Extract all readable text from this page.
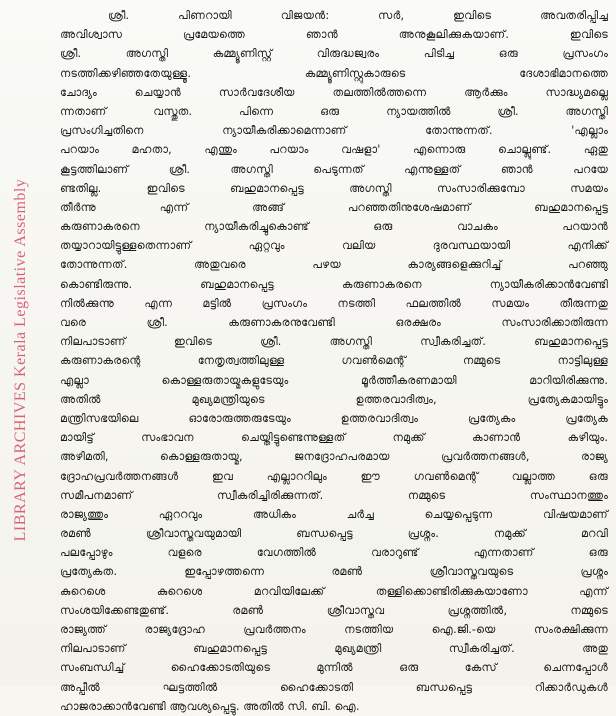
LIBRARY ARCHIVES Kerala Legislative Assembly
ശ്രീ. പിണറായി വിജയൻ: സർ, ഇവിടെ അവതരിപ്പിച്ച
അവിശ്വാസ പ്രമേയത്തെ ഞാൻ അനുകൂലിക്കുകയാണ്. ഇവിടെ
ശ്രീ. അഗസ്തി കമ്മ്യൂണിസ്റ്റ് വിരുദ്ധജ്വരം പിടിച്ച ഒരു പ്രസംഗം
നടത്തിക്കഴിഞ്ഞതേയുള്ളൂ. കമ്മ്യൂണിസ്റ്റുകാരുടെ ദേശാഭിമാനത്തെ
ചോദ്യം ചെയ്യാൻ സാർവദേശീയ തലത്തിൽത്തന്നെ ആർക്കും സാദ്ധ്യമല്ലെ
ന്നതാണ് വസ്തുത. പിന്നെ ഒരു ന്യായത്തിൽ ശ്രീ. അഗസ്തി
പ്രസംഗിച്ചതിനെ ന്യായീകരിക്കാമെന്നാണ് തോന്നുന്നത്. 'എല്ലാം
പറയാം മഹതാ, എന്തും പറയാം വഷളാ' എന്നൊരു ചൊല്ലുണ്ട്. ഏതു
കൂട്ടത്തിലാണ് ശ്രീ. അഗസ്തി പെടുന്നത് എന്നുള്ളത് ഞാൻ പറയേ
ണ്ടതില്ല. ഇവിടെ ബഹുമാനപ്പെട്ട അഗസ്തി സംസാരിക്കുമ്പോ സമയം
തീർന്നു എന്ന് അങ്ങ് പറഞ്ഞതിനുശേഷമാണ് ബഹുമാനപ്പെട്ട
കരുണാകരനെ ന്യായീകരിച്ചുകൊണ്ട് ഒരു വാചകം പറയാൻ
തയ്യാറായിട്ടുള്ളതെന്നാണ് ഏറ്റവും വലിയ ദുരവസ്ഥയായി എനിക്ക്
തോന്നുന്നത്. അതുവരെ പഴയ കാര്യങ്ങളെക്കുറിച്ച് പറഞ്ഞു
കൊണ്ടിരുന്നു. ബഹുമാനപ്പെട്ട കരുണാകരനെ ന്യായീകരിക്കാൻവേണ്ടി
നിൽക്കുന്നു എന്ന മട്ടിൽ പ്രസംഗം നടത്തി ഫലത്തിൽ സമയം തീരുന്നതു
വരെ ശ്രീ. കരുണാകരനുവേണ്ടി ഒരക്ഷരം സംസാരിക്കാതിരുന്ന
നിലപാടാണ് ഇവിടെ ശ്രീ. അഗസ്തി സ്വീകരിച്ചത്. ബഹുമാനപ്പെട്ട
കരുണാകരന്റെ നേതൃത്വത്തിലുള്ള ഗവൺമെന്റ് നമ്മുടെ നാട്ടിലുള്ള
എല്ലാ കൊള്ളരുതായ്മകളുടേയും മൂർത്തീകരണമായി മാറിയിരിക്കുന്നു.
അതിൽ മുഖ്യമന്ത്രിയുടെ ഉത്തരവാദിത്വം, പ്രത്യേകമായിട്ടും
മന്ത്രിസഭയിലെ ഓരോരുത്തരുടേയും ഉത്തരവാദിത്വം പ്രത്യേകം പ്രത്യേക
മായിട്ട് സംഭാവന ചെയ്തിട്ടുണ്ടെന്നുള്ളത് നമുക്ക് കാണാൻ കഴിയും.
അഴിമതി, കൊള്ളരുതായ്മ, ജനദ്രോഹപരമായ പ്രവർത്തനങ്ങൾ, രാജ്യ
ദ്രോഹപ്രവർത്തനങ്ങൾ ഇവ എല്ലാററിലും ഈ ഗവൺമെന്റ് വല്ലാത്ത ഒരു
സമീപനമാണ് സ്വീകരിച്ചിരിക്കുന്നത്. നമ്മുടെ സംസ്ഥാനത്തും
രാജ്യത്തും ഏററവും അധികം ചർച്ച ചെയ്യപ്പെടുന്ന വിഷയമാണ്
രമൺ ശ്രീവാസ്തവയുമായി ബന്ധപ്പെട്ട പ്രശ്നം. നമുക്ക് മറവി
പലപ്പോഴും വളരെ വേഗത്തിൽ വരാറുണ്ട് എന്നതാണ് ഒരു
പ്രത്യേകത. ഇപ്പോഴത്തന്നെ രമൺ ശ്രീവാസ്തവയുടെ പ്രശ്നം
കുറെശെ കുറെശെ മറവിയിലേക്ക് തള്ളിക്കൊണ്ടിരിക്കുകയാണോ എന്ന്
സംശയിക്കേണ്ടതുണ്ട്. രമൺ ശ്രീവാസ്തവ പ്രശ്നത്തിൽ, നമ്മുടെ
രാജ്യത്ത് രാജ്യദ്രോഹ പ്രവർത്തനം നടത്തിയ ഐ.ജി.-യെ സംരക്ഷിക്കുന്ന
നിലപാടാണ് ബഹുമാനപ്പെട്ട മുഖ്യമന്ത്രി സ്വീകരിച്ചത്. അതു
സംബന്ധിച്ച് ഹൈക്കോടതിയുടെ മുന്നിൽ ഒരു കേസ് ചെന്നപ്പോൾ
അപ്പീൽ ഘട്ടത്തിൽ ഹൈക്കോടതി ബന്ധപ്പെട്ട റിക്കാർഡുകൾ
ഹാജരാക്കാൻവേണ്ടി ആവശ്യപ്പെട്ടു. അതിൽ സി. ബി. ഐ.
